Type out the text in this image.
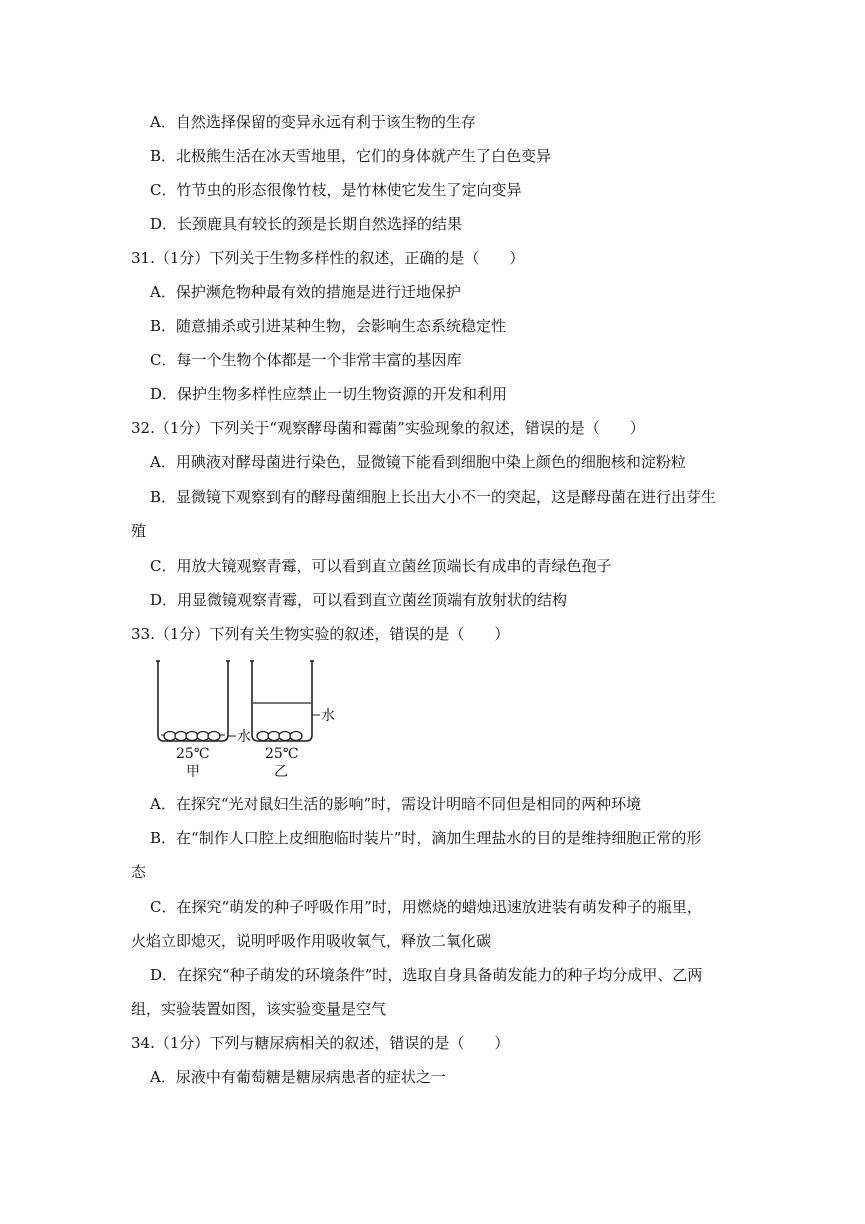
A．自然选择保留的变异永远有利于该生物的生存
B．北极熊生活在冰天雪地里，它们的身体就产生了白色变异
C．竹节虫的形态很像竹枝，是竹林使它发生了定向变异
D．长颈鹿具有较长的颈是长期自然选择的结果
31.（1分）下列关于生物多样性的叙述，正确的是（　　）
A．保护濒危物种最有效的措施是进行迁地保护
B．随意捕杀或引进某种生物，会影响生态系统稳定性
C．每一个生物个体都是一个非常丰富的基因库
D．保护生物多样性应禁止一切生物资源的开发和利用
32.（1分）下列关于“观察酵母菌和霉菌”实验现象的叙述，错误的是（　　）
A．用碘液对酵母菌进行染色，显微镜下能看到细胞中染上颜色的细胞核和淀粉粒
B．显微镜下观察到有的酵母菌细胞上长出大小不一的突起，这是酵母菌在进行出芽生
殖
C．用放大镜观察青霉，可以看到直立菌丝顶端长有成串的青绿色孢子
D．用显微镜观察青霉，可以看到直立菌丝顶端有放射状的结构
33.（1分）下列有关生物实验的叙述，错误的是（　　）
水
25℃
甲
水
25℃
乙
A．在探究“光对鼠妇生活的影响”时，需设计明暗不同但是相同的两种环境
B．在“制作人口腔上皮细胞临时装片”时，滴加生理盐水的目的是维持细胞正常的形
态
C．在探究“萌发的种子呼吸作用”时，用燃烧的蜡烛迅速放进装有萌发种子的瓶里，
火焰立即熄灭，说明呼吸作用吸收氧气，释放二氧化碳
D．在探究“种子萌发的环境条件”时，选取自身具备萌发能力的种子均分成甲、乙两
组，实验装置如图，该实验变量是空气
34.（1分）下列与糖尿病相关的叙述，错误的是（　　）
A．尿液中有葡萄糖是糖尿病患者的症状之一
